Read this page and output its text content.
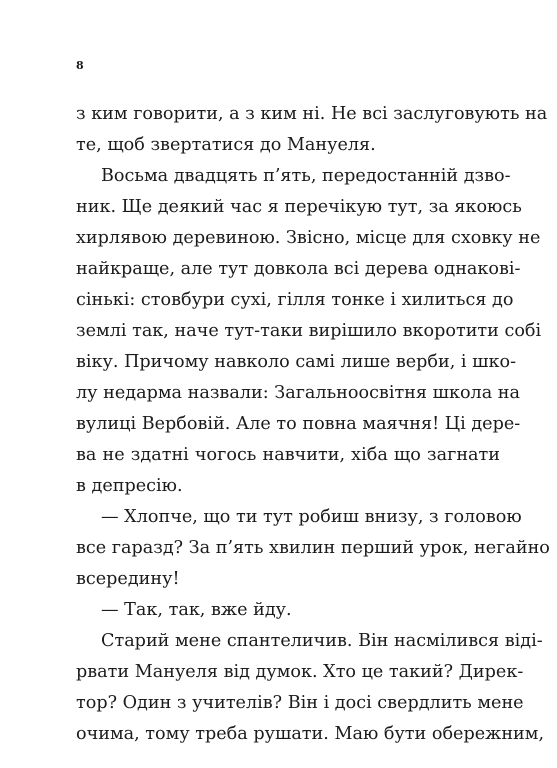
8
з ким говорити, а з ким ні. Не всі заслуговують на
те, щоб звертатися до Мануеля.
Восьма двадцять п’ять, передостанній дзво-
ник. Ще деякий час я перечікую тут, за якоюсь
хирлявою деревиною. Звісно, місце для сховку не
найкраще, але тут довкола всі дерева однакові-
сінькі: стовбури сухі, гілля тонке і хилиться до
землі так, наче тут-таки вирішило вкоротити собі
віку. Причому навколо самі лише верби, і шко-
лу недарма назвали: Загальноосвітня школа на
вулиці Вербовій. Але то повна маячня! Ці дере-
ва не здатні чогось навчити, хіба що загнати
в депресію.
— Хлопче, що ти тут робиш внизу, з головою
все гаразд? За п’ять хвилин перший урок, негайно
всередину!
— Так, так, вже йду.
Старий мене спантеличив. Він насмілився віді-
рвати Мануеля від думок. Хто це такий? Дирек-
тор? Один з учителів? Він і досі свердлить мене
очима, тому треба рушати. Маю бути обережним,
